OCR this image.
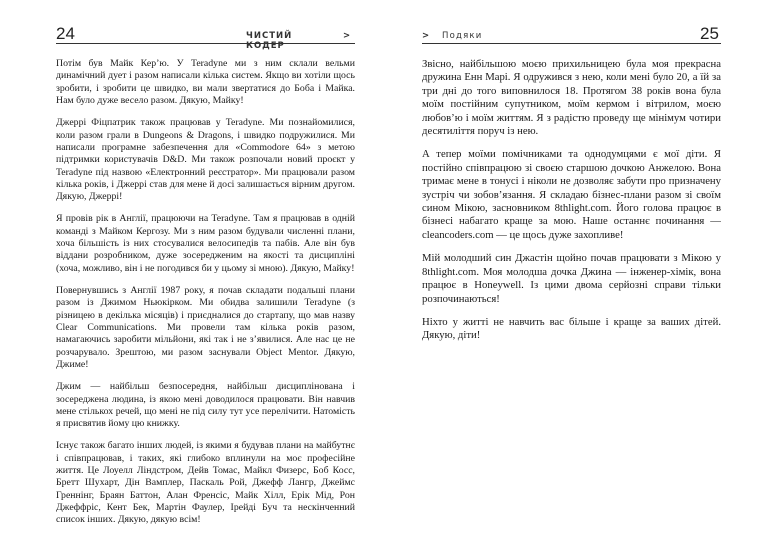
24	ЧИСТИЙ КОДЕР
>

Потім був Майк Кер’ю. У Teradyne ми з ним склали вельми динамічний дует і разом написали кілька систем. Якщо ви хотіли щось зробити, і зробити це швидко, ви мали звертатися до Боба і Майка. Нам було дуже весело разом. Дякую, Майку!

Джеррі Фіцпатрик також працював у Teradyne. Ми познайомилися, коли разом грали в Dungeons & Dragons, і швидко подружилися. Ми написали програмне забезпечення для «Commodore 64» з метою підтримки користувачів D&D. Ми також розпочали новий проєкт у Teradyne під назвою «Електронний реєстратор». Ми працювали разом кілька років, і Джеррі став для мене й досі залишається вірним другом. Дякую, Джеррі!

Я провів рік в Англії, працюючи на Teradyne. Там я працював в одній команді з Майком Кергозу. Ми з ним разом будували численні плани, хоча більшість із них стосувалися велосипедів та пабів. Але він був віддани розробником, дуже зосередженим на якості та дисципліні (хоча, можливо, він і не погодився би у цьому зі мною). Дякую, Майку!

Повернувшись з Англії 1987 року, я почав складати подальші плани разом із Джимом Ньюкірком. Ми обидва залишили Teradyne (з різницею в декілька місяців) і приєдналися до стартапу, що мав назву Clear Communications. Ми провели там кілька років разом, намагаючись заробити мільйони, які так і не з’явилися. Але нас це не розчарувало. Зрештою, ми разом заснували Object Mentor. Дякую, Джиме!

Джим — найбільш безпосередня, найбільш дисциплінована і зосереджена людина, із якою мені доводилося працювати. Він навчив мене стількох речей, що мені не під силу тут усе перелічити. Натомість я присвятив йому цю книжку.

Існує також багато інших людей, із якими я будував плани на майбутнє і співпрацював, і таких, які глибоко вплинули на моє професійне життя. Це Лоуелл Ліндстром, Дейв Томас, Майкл Физерс, Боб Косс, Бретт Шухарт, Дін Вамплер, Паскаль Рой, Джефф Лангр, Джеймс Греннінг, Браян Баттон, Алан Френсіс, Майк Хілл, Ерік Мід, Рон Джеффріс, Кент Бек, Мартін Фаулер, Ірейді Буч та нескінченний список інших. Дякую, дякую всім!

> Подяки	25

Звісно, найбільшою моєю прихильницею була моя прекрасна дружина Енн Марі. Я одружився з нею, коли мені було 20, а їй за три дні до того виповнилося 18. Протягом 38 років вона була моїм постійним супутником, моїм кермом і вітрилом, моєю любов’ю і моїм життям. Я з радістю проведу ще мінімум чотири десятиліття поруч із нею.

А тепер моїми помічниками та однодумцями є мої діти. Я постійно співпрацюю зі своєю старшою дочкою Анжелою. Вона тримає мене в тонусі і ніколи не дозволяє забути про призначену зустріч чи зобов’язання. Я складаю бізнес-плани разом зі своїм сином Мікою, засновником 8thlight.com. Його голова працює в бізнесі набагато краще за мою. Наше останнє починання — cleancoders.com — це щось дуже захопливе!

Мій молодший син Джастін щойно почав працювати з Мікою у 8thlight.com. Моя молодша дочка Джина — інженер-хімік, вона працює в Honeywell. Із цими двома серйозні справи тільки розпочинаються!

Ніхто у житті не навчить вас більше і краще за ваших дітей. Дякую, діти!
